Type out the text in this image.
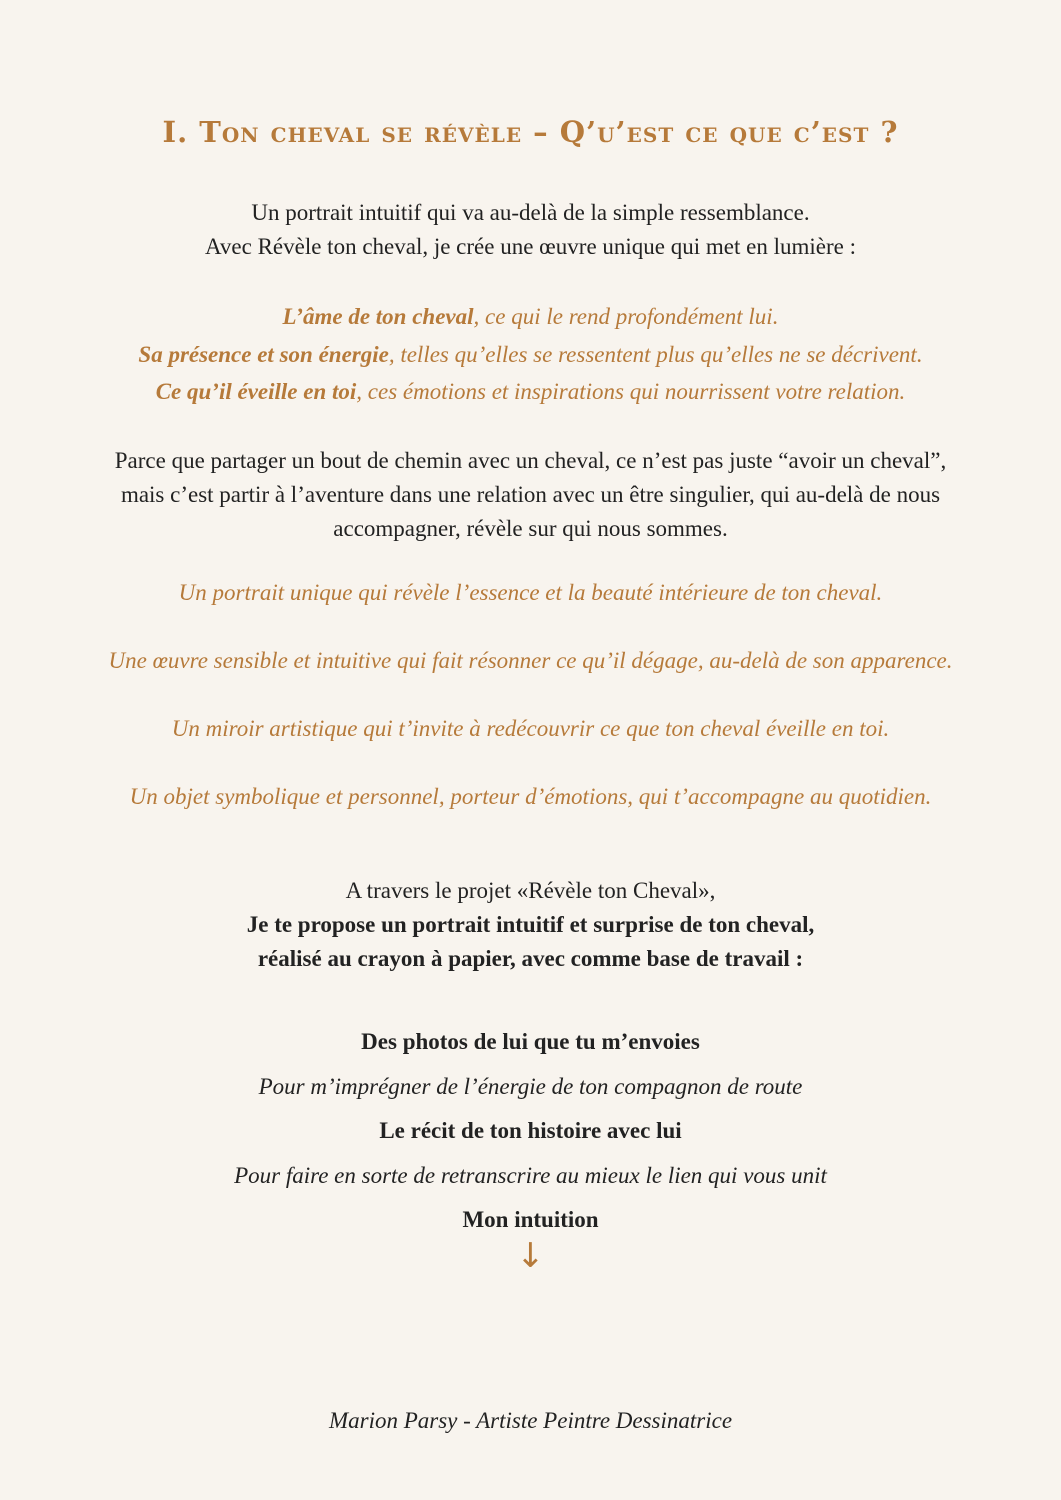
I. Ton cheval se révèle – Q’u’est ce que c’est ?
Un portrait intuitif qui va au-delà de la simple ressemblance.
Avec Révèle ton cheval, je crée une œuvre unique qui met en lumière :
L’âme de ton cheval, ce qui le rend profondément lui.
Sa présence et son énergie, telles qu’elles se ressentent plus qu’elles ne se décrivent.
Ce qu’il éveille en toi, ces émotions et inspirations qui nourrissent votre relation.
Parce que partager un bout de chemin avec un cheval, ce n’est pas juste “avoir un cheval”,
mais c’est partir à l’aventure dans une relation avec un être singulier, qui au-delà de nous
accompagner, révèle sur qui nous sommes.
Un portrait unique qui révèle l’essence et la beauté intérieure de ton cheval.
Une œuvre sensible et intuitive qui fait résonner ce qu’il dégage, au-delà de son apparence.
Un miroir artistique qui t’invite à redécouvrir ce que ton cheval éveille en toi.
Un objet symbolique et personnel, porteur d’émotions, qui t’accompagne au quotidien.
A travers le projet «Révèle ton Cheval»,
Je te propose un portrait intuitif et surprise de ton cheval,
réalisé au crayon à papier, avec comme base de travail :
Des photos de lui que tu m’envoies
Pour m’imprégner de l’énergie de ton compagnon de route
Le récit de ton histoire avec lui
Pour faire en sorte de retranscrire au mieux le lien qui vous unit
Mon intuition
↓
Marion Parsy - Artiste Peintre Dessinatrice
